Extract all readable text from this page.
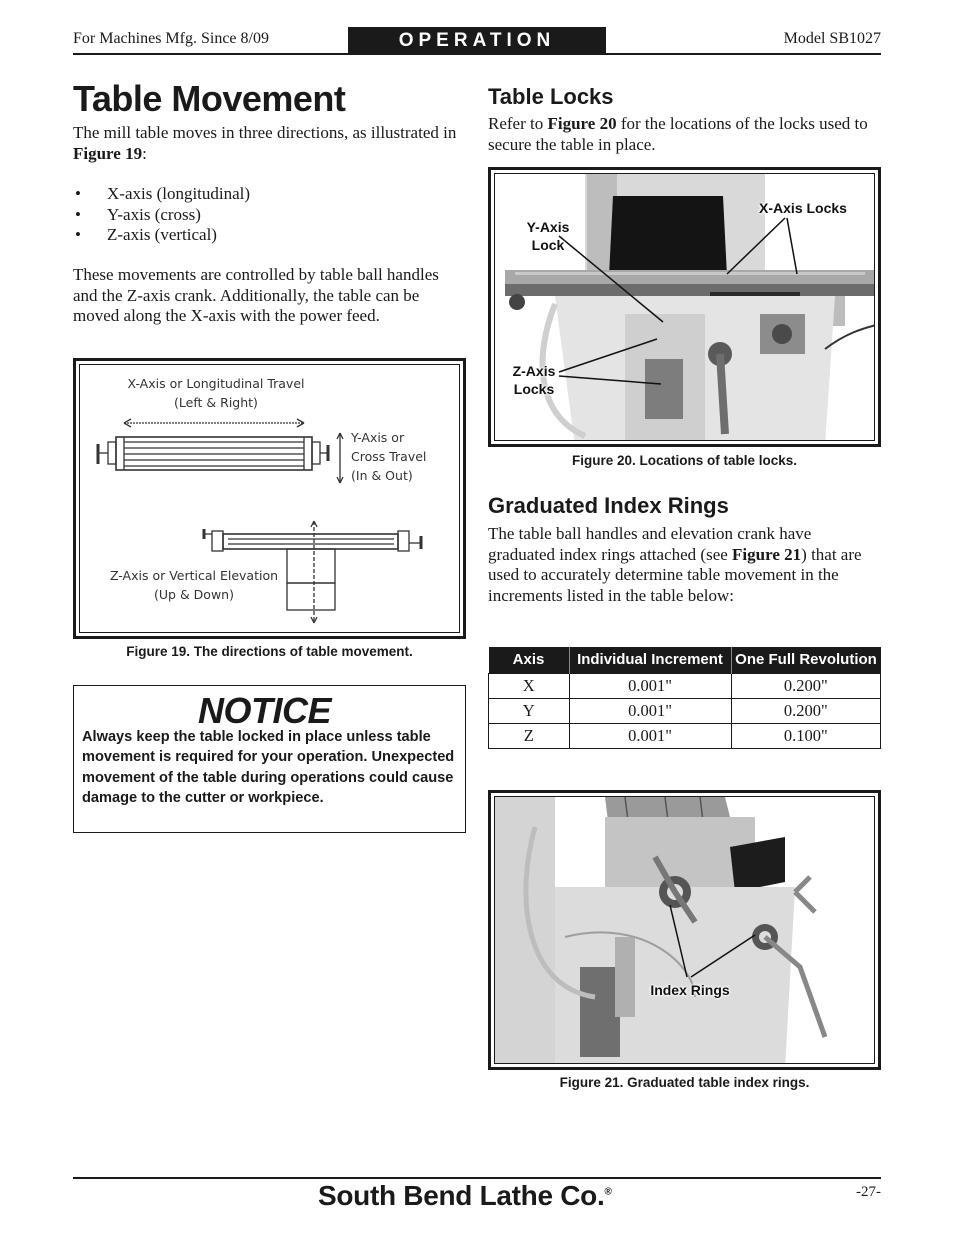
For Machines Mfg. Since 8/09	OPERATION	Model SB1027
Table Movement

The mill table moves in three directions, as illustrated in Figure 19:

• X-axis (longitudinal)
• Y-axis (cross)
• Z-axis (vertical)

These movements are controlled by table ball handles and the Z-axis crank. Additionally, the table can be moved along the X-axis with the power feed.

X-Axis or Longitudinal Travel
(Left & Right)
Y-Axis or
Cross Travel
(In & Out)
Z-Axis or Vertical Elevation
(Up & Down)
Figure 19. The directions of table movement.
NOTICE
Always keep the table locked in place unless table movement is required for your operation. Unexpected movement of the table during operations could cause damage to the cutter or workpiece.
Table Locks

Refer to Figure 20 for the locations of the locks used to secure the table in place.

Y-Axis
Lock
X-Axis Locks
Z-Axis
Locks
Figure 20. Locations of table locks.
Graduated Index Rings

The table ball handles and elevation crank have graduated index rings attached (see Figure 21) that are used to accurately determine table movement in the increments listed in the table below:

Axis	Individual Increment	One Full Revolution
X	0.001"	0.200"
Y	0.001"	0.200"
Z	0.001"	0.100"
Index Rings
Figure 21. Graduated table index rings.
South Bend Lathe Co.®	-27-
